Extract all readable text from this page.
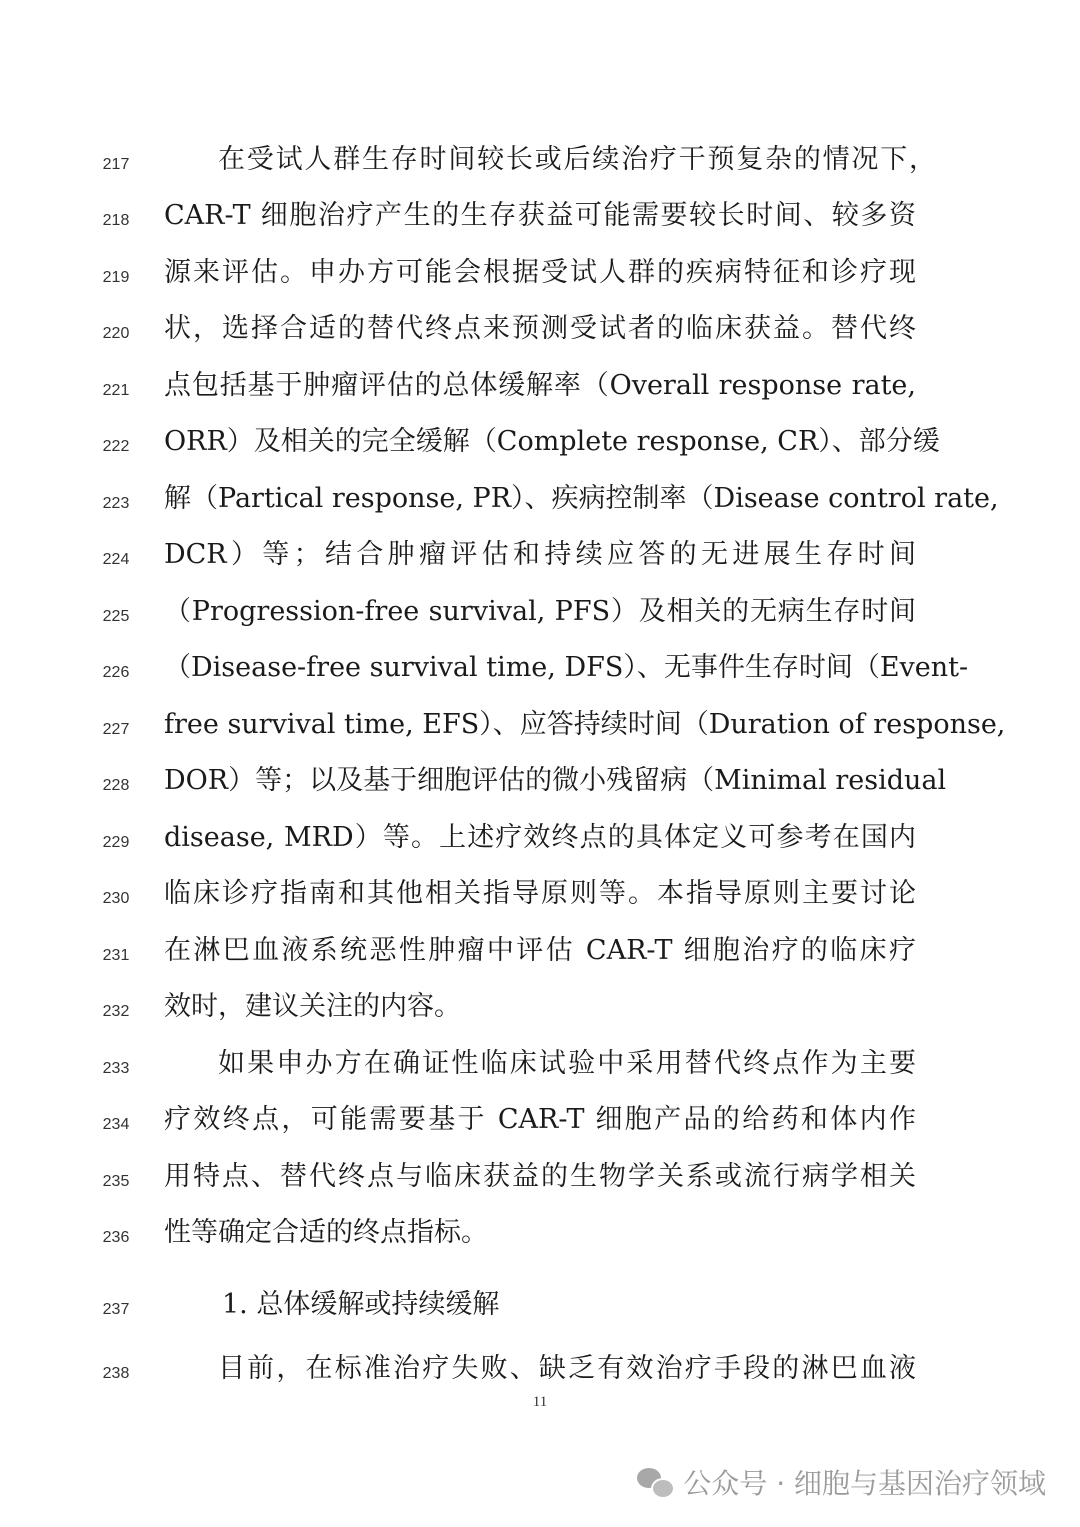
217	在受试人群生存时间较长或后续治疗干预复杂的情况下，
218	CAR-T 细胞治疗产生的生存获益可能需要较长时间、较多资
219	源来评估。申办方可能会根据受试人群的疾病特征和诊疗现
220	状，选择合适的替代终点来预测受试者的临床获益。替代终
221	点包括基于肿瘤评估的总体缓解率（Overall response rate,
222	ORR）及相关的完全缓解（Complete response, CR）、部分缓
223	解（Partical response, PR）、疾病控制率（Disease control rate,
224	DCR）等；结合肿瘤评估和持续应答的无进展生存时间
225	（Progression-free survival, PFS）及相关的无病生存时间
226	（Disease-free survival time, DFS）、无事件生存时间（Event-
227	free survival time, EFS）、应答持续时间（Duration of response,
228	DOR）等；以及基于细胞评估的微小残留病（Minimal residual
229	disease, MRD）等。上述疗效终点的具体定义可参考在国内
230	临床诊疗指南和其他相关指导原则等。本指导原则主要讨论
231	在淋巴血液系统恶性肿瘤中评估 CAR-T 细胞治疗的临床疗
232	效时，建议关注的内容。
233	如果申办方在确证性临床试验中采用替代终点作为主要
234	疗效终点，可能需要基于 CAR-T 细胞产品的给药和体内作
235	用特点、替代终点与临床获益的生物学关系或流行病学相关
236	性等确定合适的终点指标。
237	1. 总体缓解或持续缓解
238	目前，在标准治疗失败、缺乏有效治疗手段的淋巴血液
11
公众号 · 细胞与基因治疗领域
